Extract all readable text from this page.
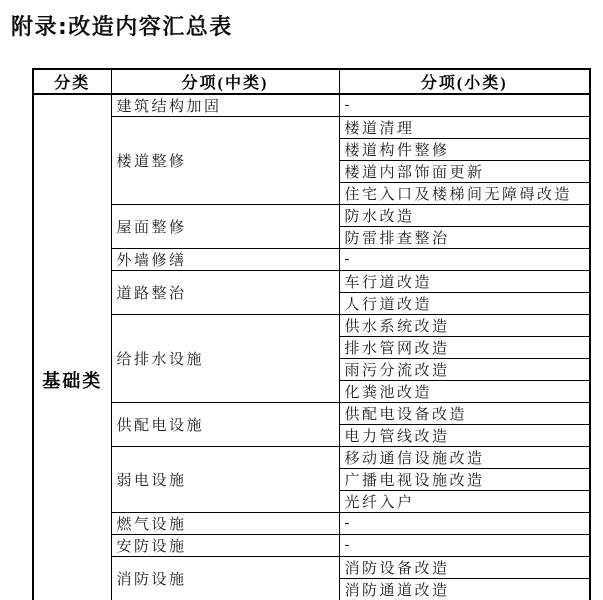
附录:改造内容汇总表
分类	分项(中类)	分项(小类)
基础类	建筑结构加固	-
	楼道整修	楼道清理
		楼道构件整修
		楼道内部饰面更新
		住宅入口及楼梯间无障碍改造
	屋面整修	防水改造
		防雷排查整治
	外墙修缮	-
	道路整治	车行道改造
		人行道改造
	给排水设施	供水系统改造
		排水管网改造
		雨污分流改造
		化粪池改造
	供配电设施	供配电设备改造
		电力管线改造
	弱电设施	移动通信设施改造
		广播电视设施改造
		光纤入户
	燃气设施	-
	安防设施	-
	消防设施	消防设备改造
		消防通道改造
